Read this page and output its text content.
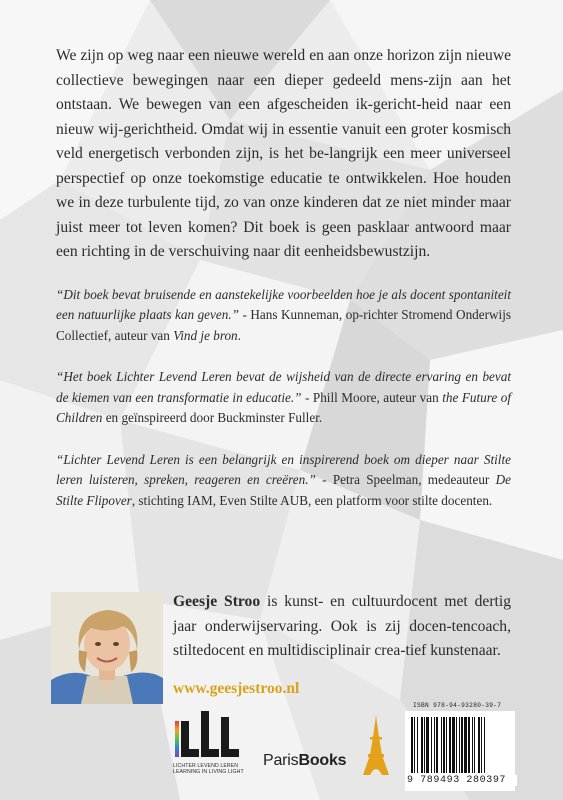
We zijn op weg naar een nieuwe wereld en aan onze horizon zijn nieuwe collectieve bewegingen naar een dieper gedeeld mens-zijn aan het ontstaan. We bewegen van een afgescheiden ik-gericht-heid naar een nieuw wij-gerichtheid. Omdat wij in essentie vanuit een groter kosmisch veld energetisch verbonden zijn, is het be-langrijk een meer universeel perspectief op onze toekomstige educatie te ontwikkelen. Hoe houden we in deze turbulente tijd, zo van onze kinderen dat ze niet minder maar juist meer tot leven komen? Dit boek is geen pasklaar antwoord maar een richting in de verschuiving naar dit eenheidsbewustzijn.

“Dit boek bevat bruisende en aanstekelijke voorbeelden hoe je als docent spontaniteit een natuurlijke plaats kan geven.” - Hans Kunneman, op-richter Stromend Onderwijs Collectief, auteur van Vind je bron.

“Het boek Lichter Levend Leren bevat de wijsheid van de directe ervaring en bevat de kiemen van een transformatie in educatie.” - Phill Moore, auteur van the Future of Children en geïnspireerd door Buckminster Fuller.

“Lichter Levend Leren is een belangrijk en inspirerend boek om dieper naar Stilte leren luisteren, spreken, reageren en creëren.” - Petra Speelman, medeauteur De Stilte Flipover, stichting IAM, Even Stilte AUB, een platform voor stilte docenten.

Geesje Stroo is kunst- en cultuurdocent met dertig jaar onderwijservaring. Ook is zij docen-tencoach, stiltedocent en multidisciplinair crea-tief kunstenaar.

www.geesjestroo.nl
LICHTER LEVEND LEREN
LEARNING IN LIVING LIGHT
ParisBooks
ISBN 978-94-93280-39-7
9 789493 280397
